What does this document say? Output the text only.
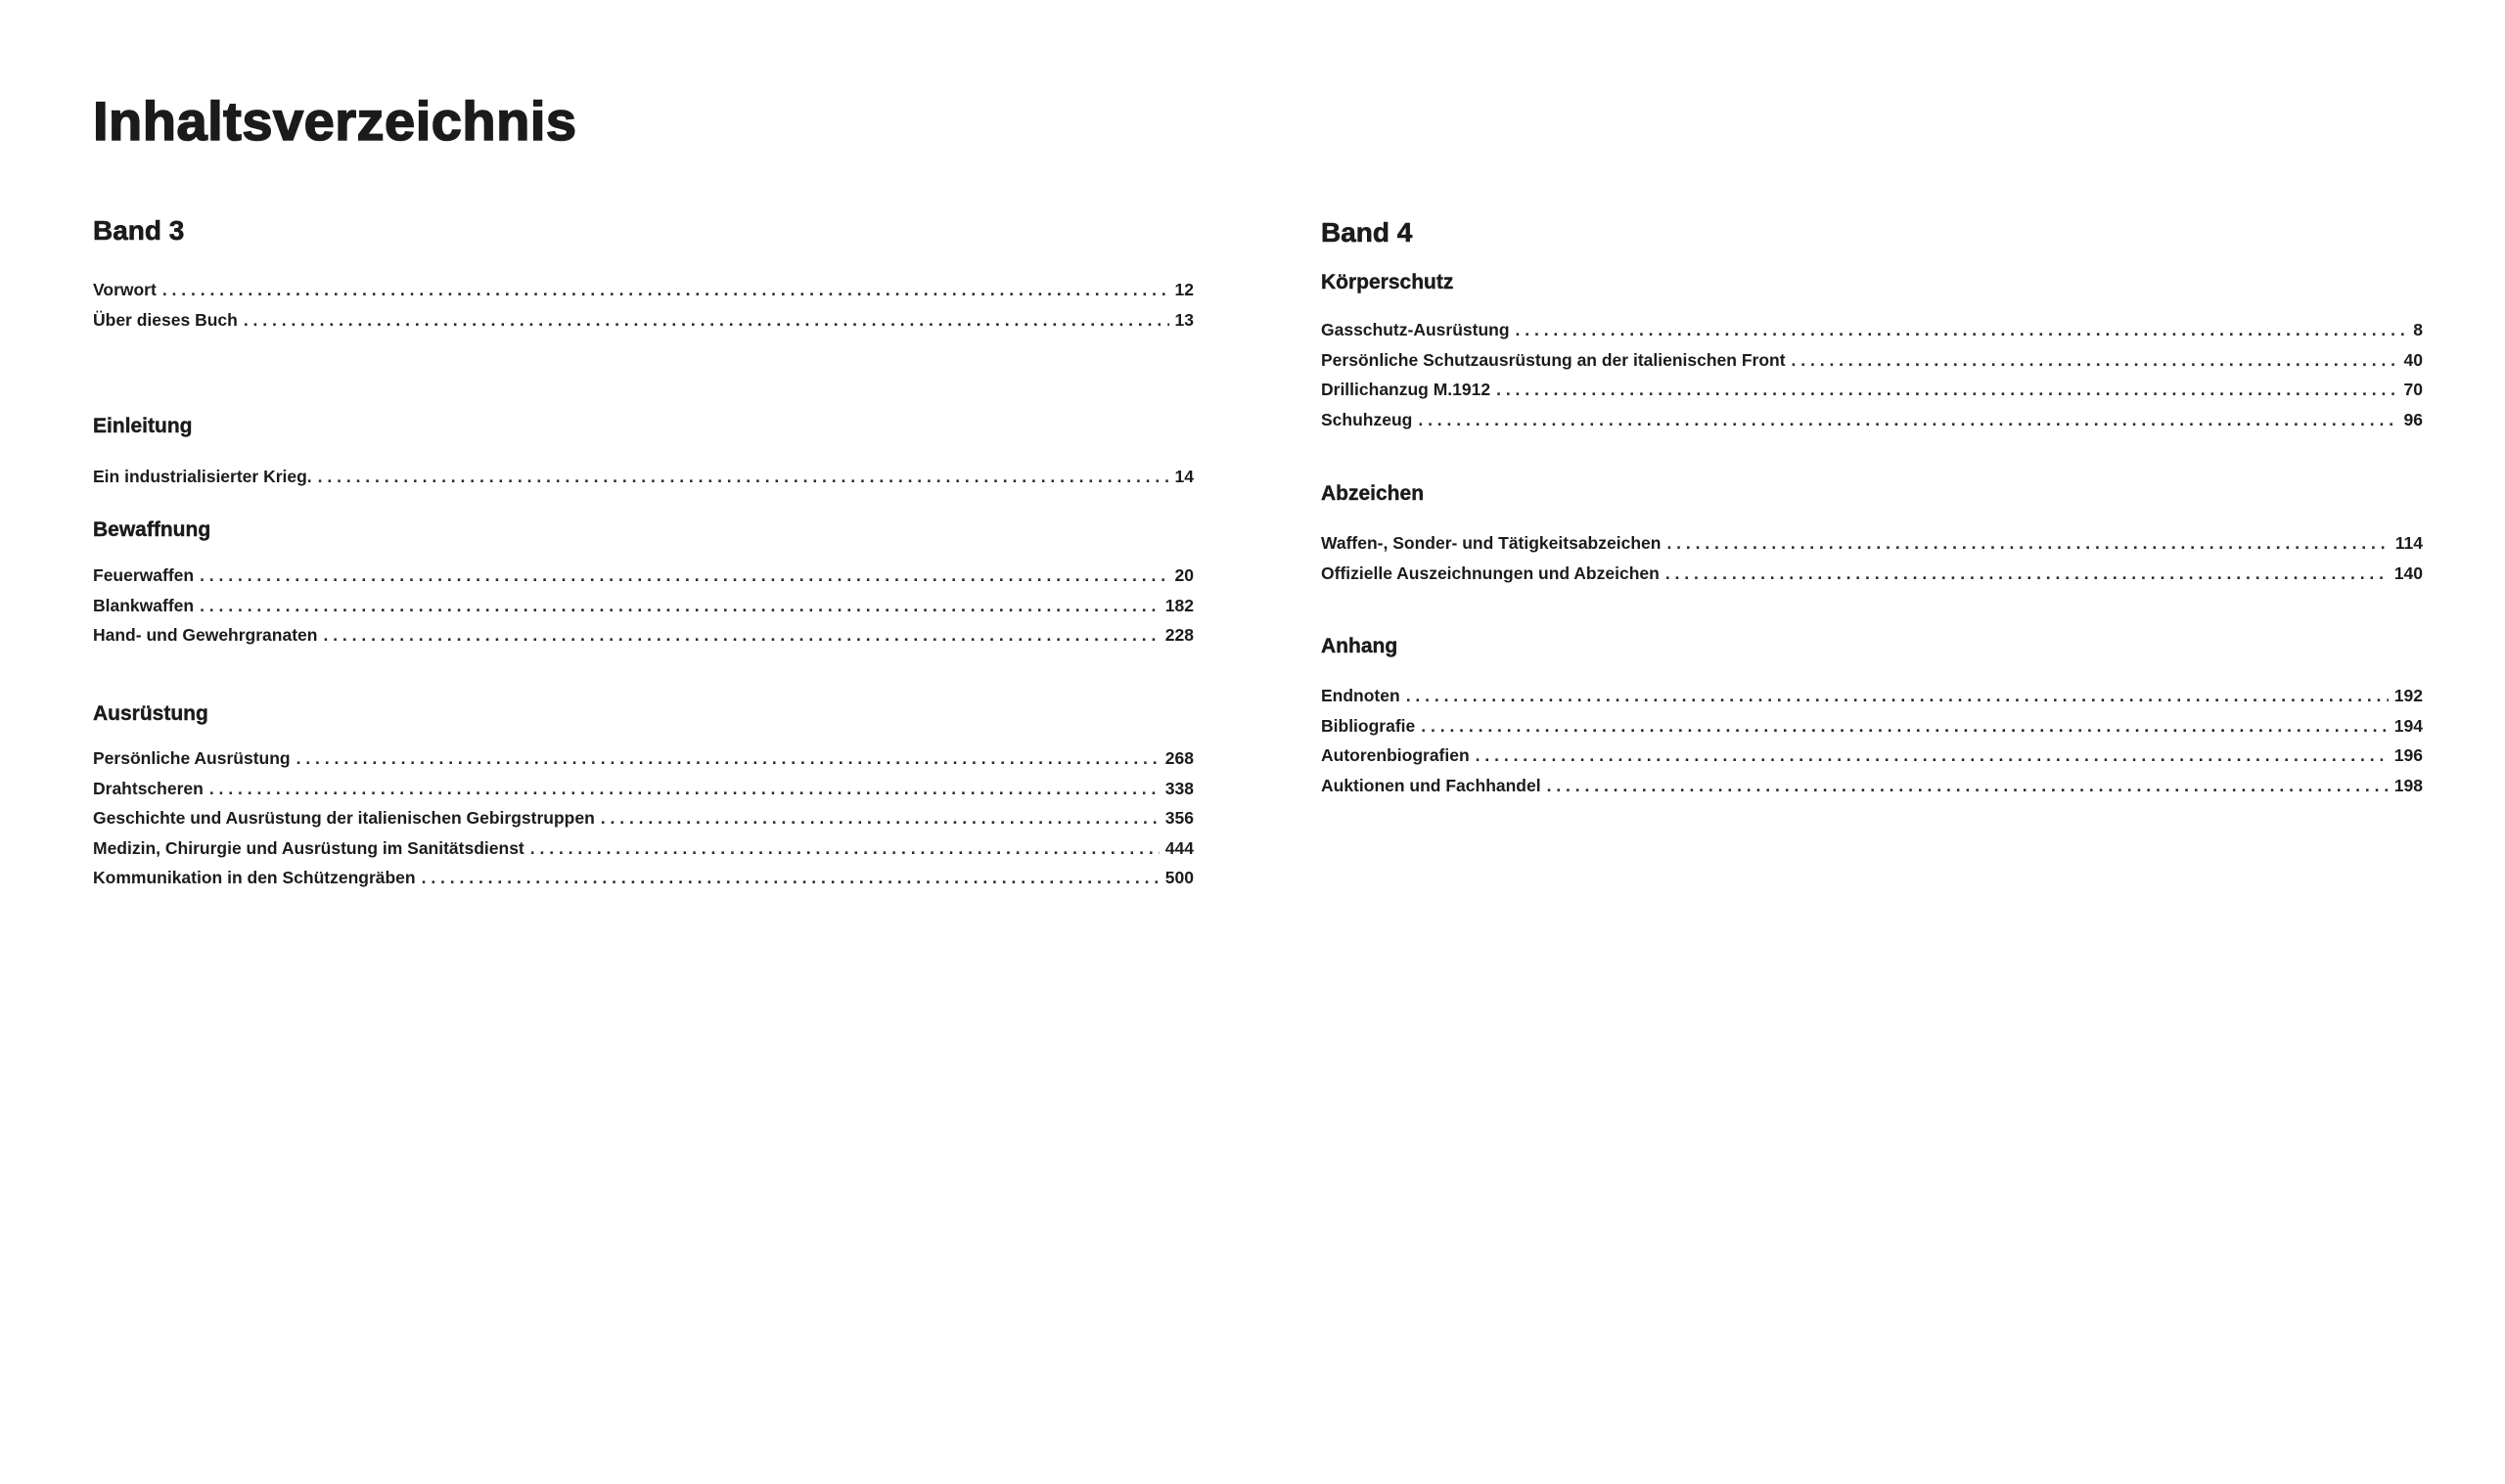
Inhaltsverzeichnis
Band 3
Vorwort . . .	12
Über dieses Buch . . .	13
Einleitung
Ein industrialisierter Krieg. . . .	14
Bewaffnung
Feuerwaffen . . .	20
Blankwaffen . . .	182
Hand- und Gewehrgranaten . . .	228
Ausrüstung
Persönliche Ausrüstung . . .	268
Drahtscheren . . .	338
Geschichte und Ausrüstung der italienischen Gebirgstruppen . . .	356
Medizin, Chirurgie und Ausrüstung im Sanitätsdienst . . .	444
Kommunikation in den Schützengräben . . .	500
Band 4
Körperschutz
Gasschutz-Ausrüstung . . .	8
Persönliche Schutzausrüstung an der italienischen Front . . .	40
Drillichanzug M.1912 . . .	70
Schuhzeug . . .	96
Abzeichen
Waffen-, Sonder- und Tätigkeitsabzeichen . . .	114
Offizielle Auszeichnungen und Abzeichen . . .	140
Anhang
Endnoten . . .	192
Bibliografie . . .	194
Autorenbiografien . . .	196
Auktionen und Fachhandel . . .	198
